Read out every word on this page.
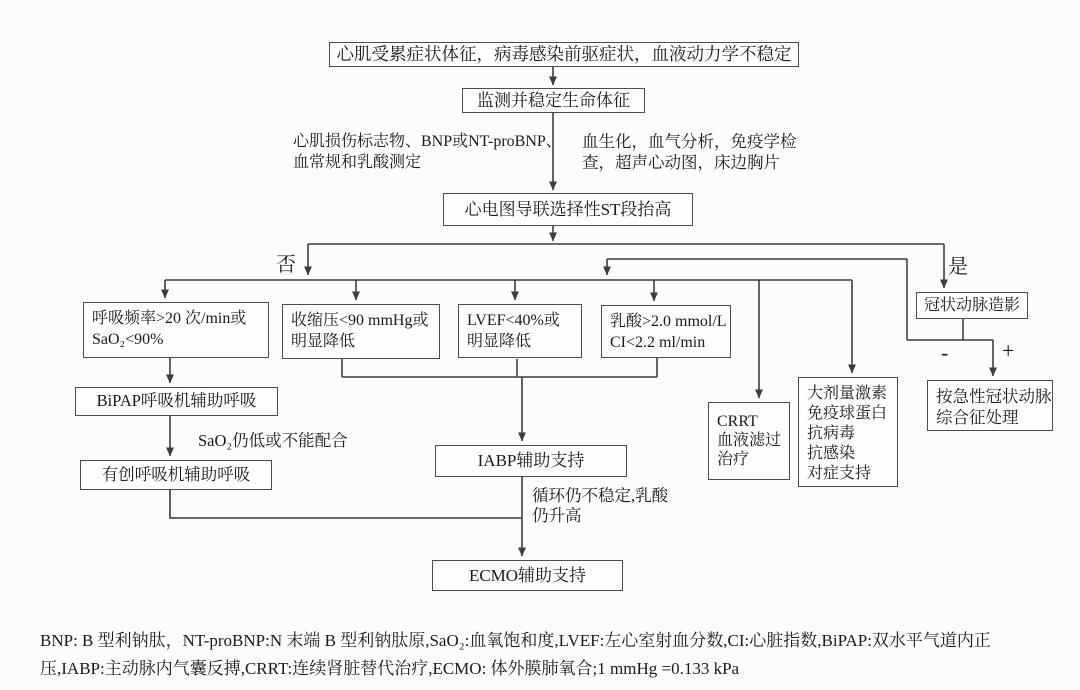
心肌受累症状体征，病毒感染前驱症状，血液动力学不稳定
监测并稳定生命体征
心肌损伤标志物、BNP或NT-proBNP、
血常规和乳酸测定
血生化，血气分析，免疫学检
查，超声心动图，床边胸片
心电图导联选择性ST段抬高
否	是
呼吸频率>20 次/min或
SaO₂<90%
收缩压<90 mmHg或
明显降低
LVEF<40%或
明显降低
乳酸>2.0 mmol/L
CI<2.2 ml/min
BiPAP呼吸机辅助呼吸
SaO₂仍低或不能配合
有创呼吸机辅助呼吸
IABP辅助支持
循环仍不稳定,乳酸
仍升高
ECMO辅助支持
CRRT
血液滤过
治疗
大剂量激素
免疫球蛋白
抗病毒
抗感染
对症支持
冠状动脉造影
- +
按急性冠状动脉
综合征处理
BNP: B 型利钠肽，NT-proBNP:N 末端 B 型利钠肽原,SaO₂:血氧饱和度,LVEF:左心室射血分数,CI:心脏指数,BiPAP:双水平气道内正
压,IABP:主动脉内气囊反搏,CRRT:连续肾脏替代治疗,ECMO: 体外膜肺氧合;1 mmHg =0.133 kPa
